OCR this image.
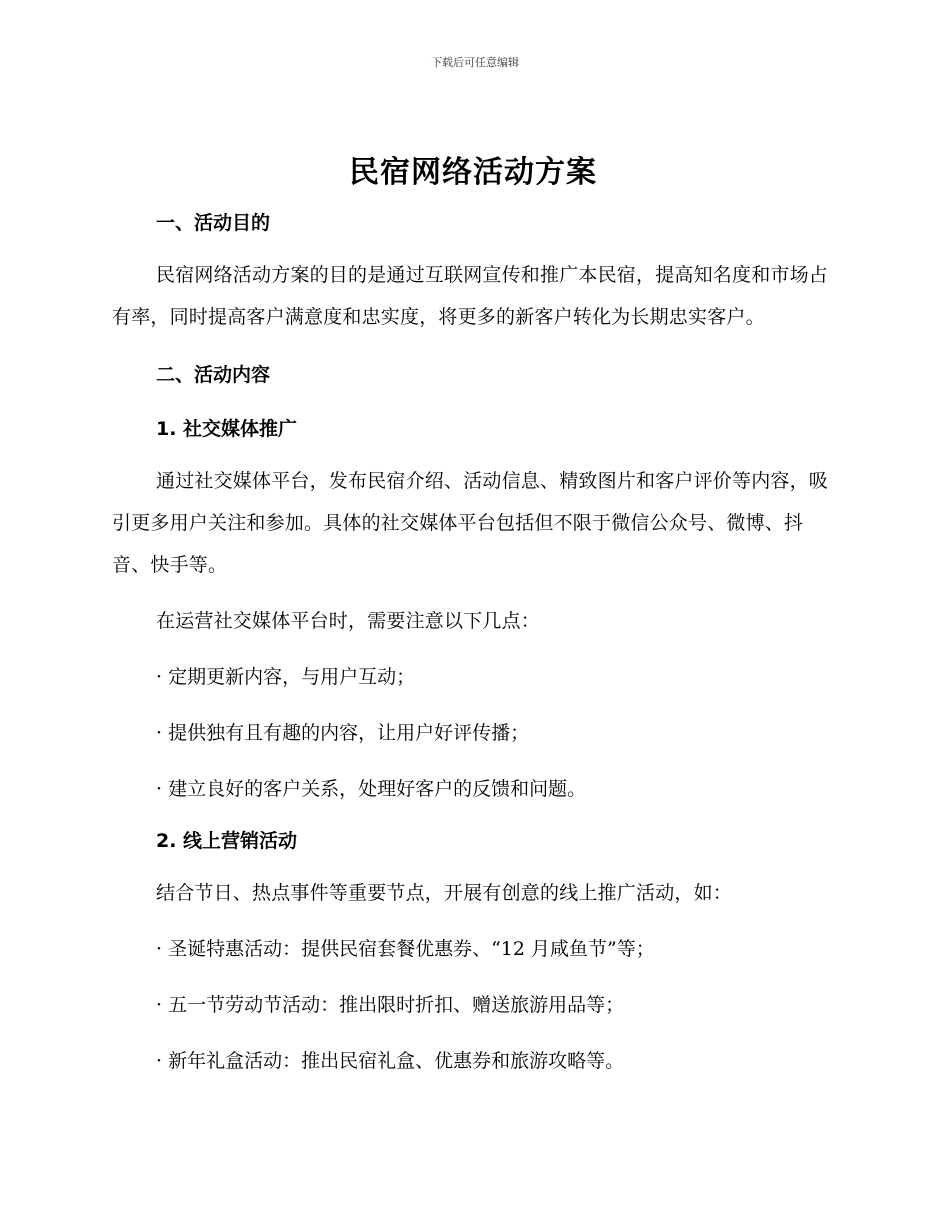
下载后可任意编辑
民宿网络活动方案
一、活动目的

民宿网络活动方案的目的是通过互联网宣传和推广本民宿，提高知名度和市场占有率，同时提高客户满意度和忠实度，将更多的新客户转化为长期忠实客户。

二、活动内容
1. 社交媒体推广

通过社交媒体平台，发布民宿介绍、活动信息、精致图片和客户评价等内容，吸引更多用户关注和参加。具体的社交媒体平台包括但不限于微信公众号、微博、抖音、快手等。

在运营社交媒体平台时，需要注意以下几点：

· 定期更新内容，与用户互动；

· 提供独有且有趣的内容，让用户好评传播；

· 建立良好的客户关系，处理好客户的反馈和问题。

2. 线上营销活动

结合节日、热点事件等重要节点，开展有创意的线上推广活动，如：

· 圣诞特惠活动：提供民宿套餐优惠券、“12 月咸鱼节”等；

· 五一节劳动节活动：推出限时折扣、赠送旅游用品等；

· 新年礼盒活动：推出民宿礼盒、优惠券和旅游攻略等。
